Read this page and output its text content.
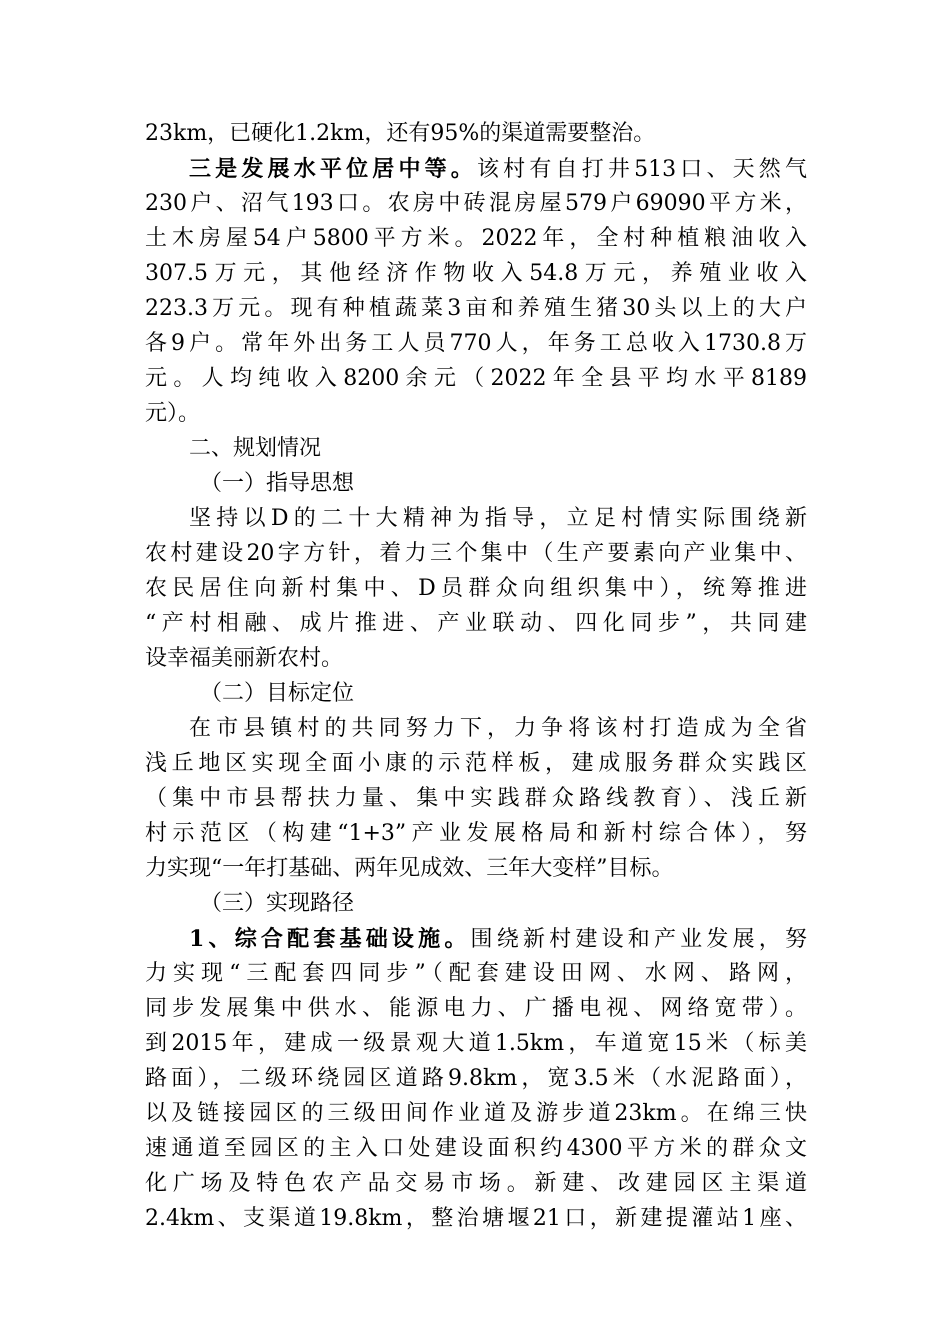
23km，已硬化1.2km，还有95%的渠道需要整治。
三是发展水平位居中等。该村有自打井513口、天然气
230户、沼气193口。农房中砖混房屋579户69090平方米，
土木房屋54户5800平方米。2022年，全村种植粮油收入
307.5万元，其他经济作物收入54.8万元，养殖业收入
223.3万元。现有种植蔬菜3亩和养殖生猪30头以上的大户
各9户。常年外出务工人员770人，年务工总收入1730.8万
元。人均纯收入8200余元（2022年全县平均水平8189
元）。
二、规划情况
（一）指导思想
坚持以D的二十大精神为指导，立足村情实际围绕新
农村建设20字方针，着力三个集中（生产要素向产业集中、
农民居住向新村集中、D员群众向组织集中），统筹推进
“产村相融、成片推进、产业联动、四化同步”，共同建
设幸福美丽新农村。
（二）目标定位
在市县镇村的共同努力下，力争将该村打造成为全省
浅丘地区实现全面小康的示范样板，建成服务群众实践区
（集中市县帮扶力量、集中实践群众路线教育）、浅丘新
村示范区（构建“1+3”产业发展格局和新村综合体），努
力实现“一年打基础、两年见成效、三年大变样”目标。
（三）实现路径
1、综合配套基础设施。围绕新村建设和产业发展，努
力实现“三配套四同步”（配套建设田网、水网、路网，
同步发展集中供水、能源电力、广播电视、网络宽带）。
到2015年，建成一级景观大道1.5km，车道宽15米（标美
路面），二级环绕园区道路9.8km，宽3.5米（水泥路面），
以及链接园区的三级田间作业道及游步道23km。在绵三快
速通道至园区的主入口处建设面积约4300平方米的群众文
化广场及特色农产品交易市场。新建、改建园区主渠道
2.4km、支渠道19.8km，整治塘堰21口，新建提灌站1座、
